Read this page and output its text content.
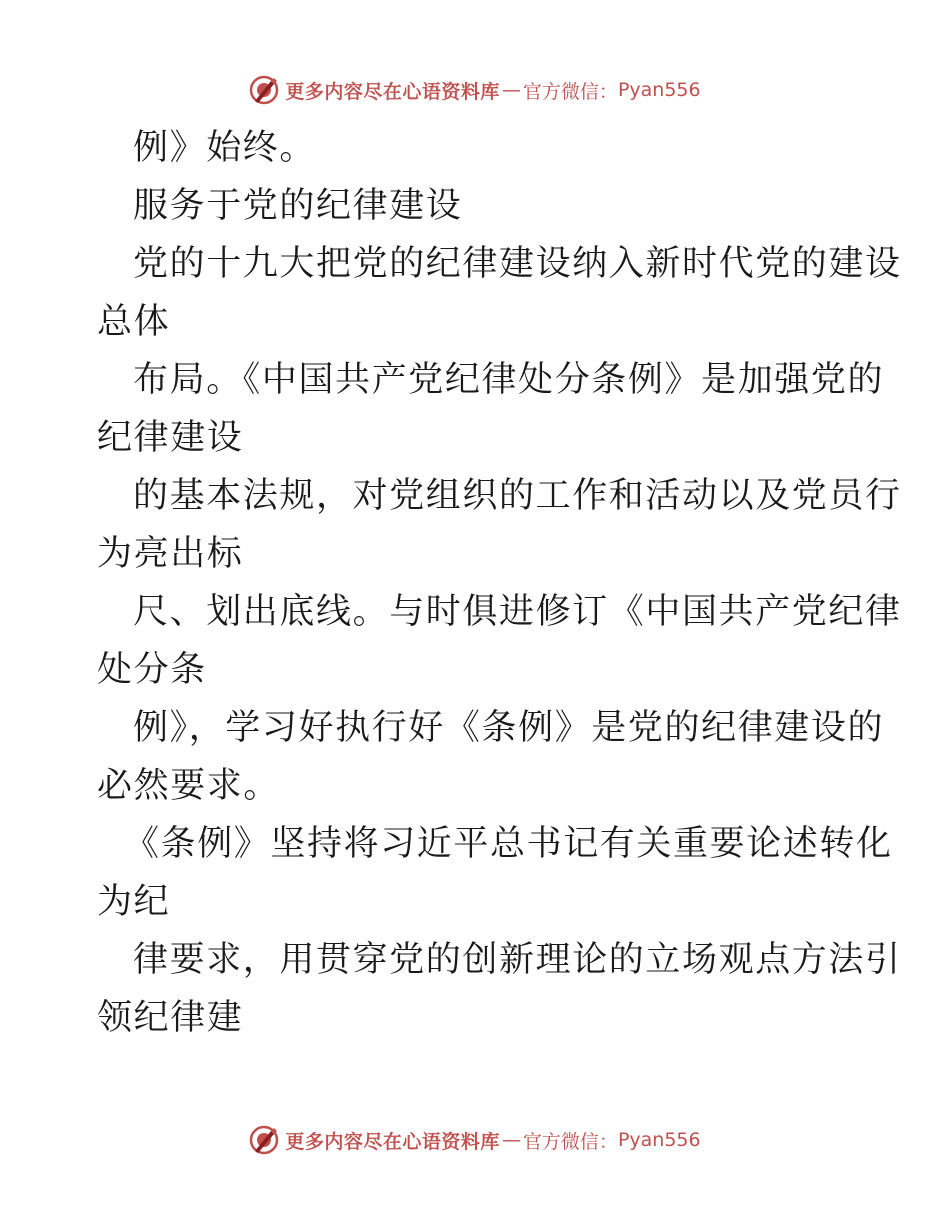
更多内容尽在心语资料库 — 官方微信： Pyan556
例》始终。
服务于党的纪律建设
党的十九大把党的纪律建设纳入新时代党的建设
总体
布局。《中国共产党纪律处分条例》是加强党的
纪律建设
的基本法规，对党组织的工作和活动以及党员行
为亮出标
尺、划出底线。与时俱进修订《中国共产党纪律
处分条
例》，学习好执行好《条例》是党的纪律建设的
必然要求。
《条例》坚持将习近平总书记有关重要论述转化
为纪
律要求，用贯穿党的创新理论的立场观点方法引
领纪律建
更多内容尽在心语资料库 — 官方微信： Pyan556
